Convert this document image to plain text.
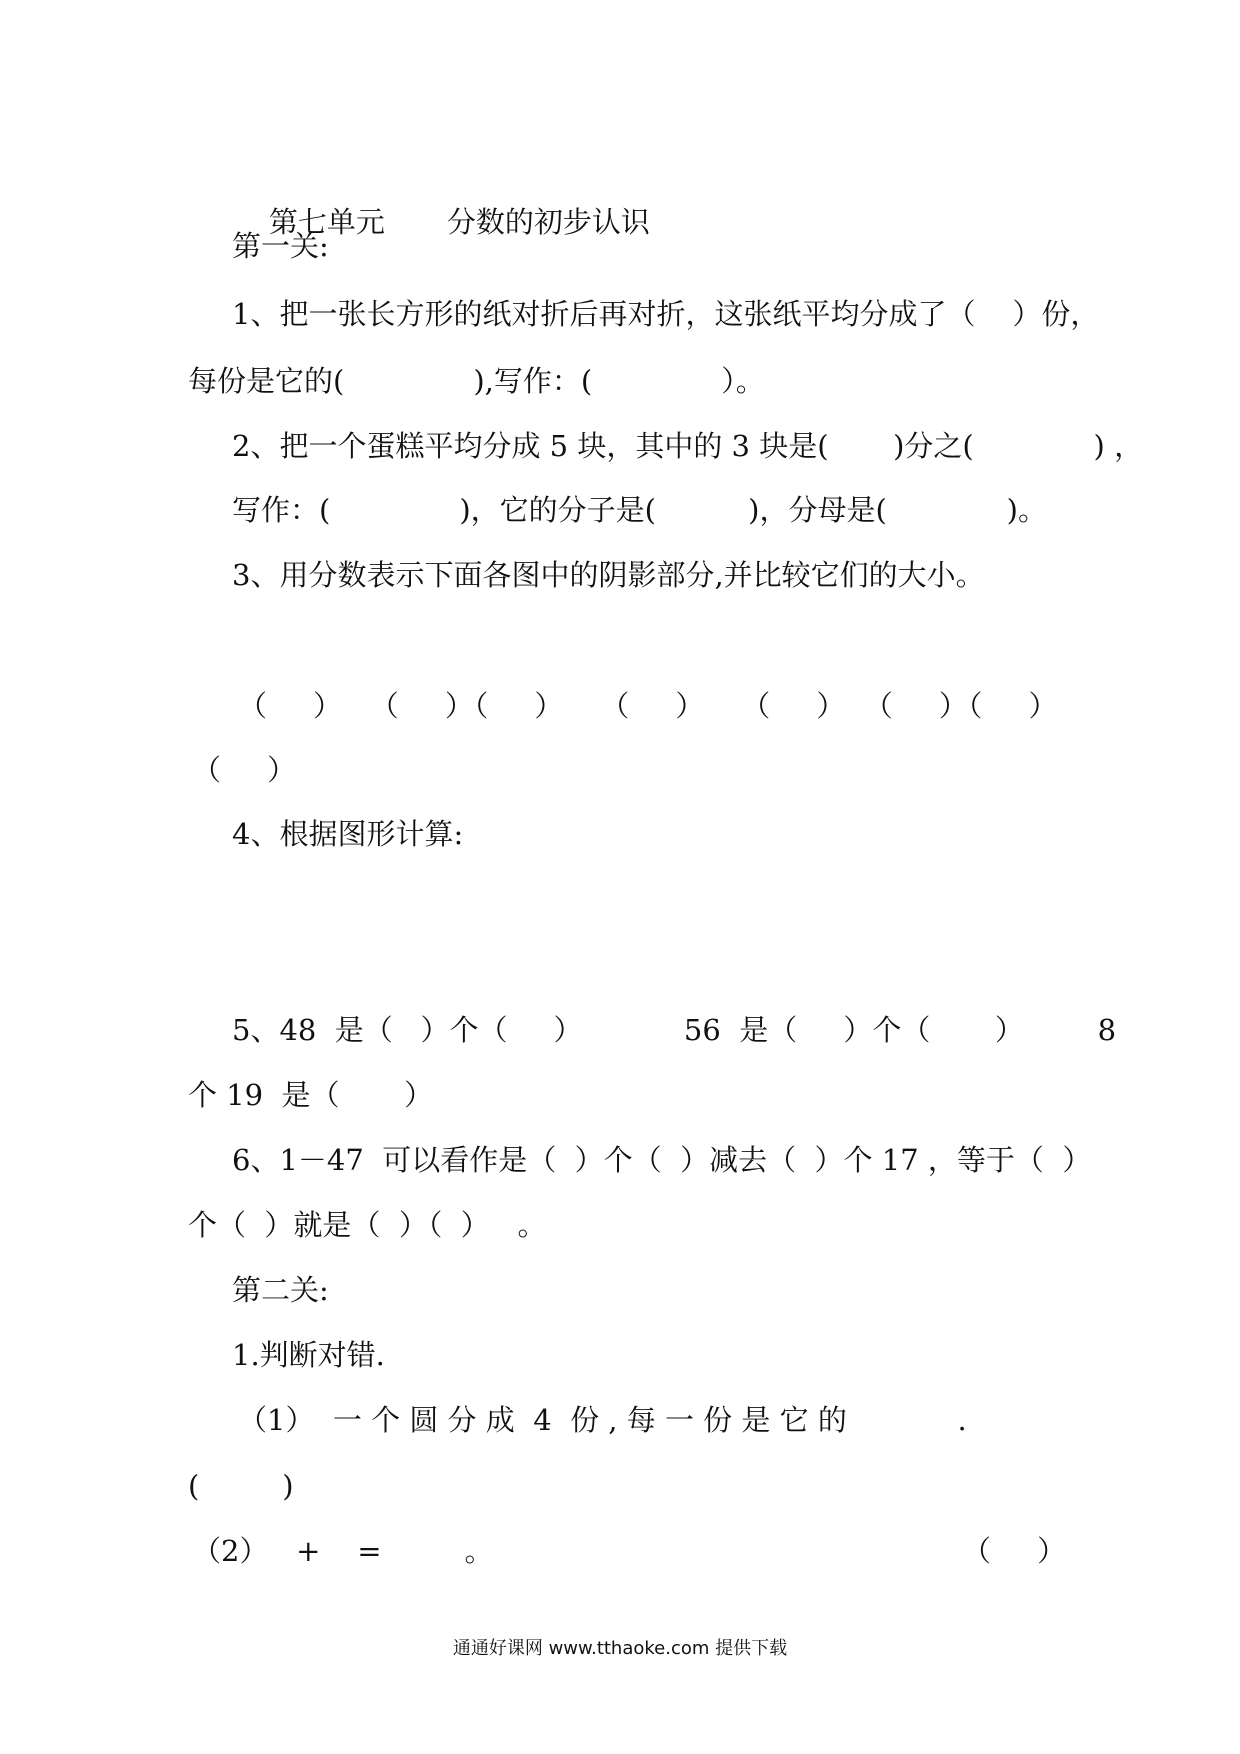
第七单元 分数的初步认识

第一关:
1、把一张长方形的纸对折后再对折，这张纸平均分成了（    ）份，
每份是它的(              ),写作：(              ）。
2、把一个蛋糕平均分成 5 块，其中的 3 块是(       )分之(             ) ，
写作：(              )，它的分子是(          )，分母是(             )。
3、用分数表示下面各图中的阴影部分,并比较它们的大小。
（     ）   （     ）（     ）    （     ）    （     ）  （     ）（     ）
（     ）
4、根据图形计算:
5、48  是（   ）个（     ）           56  是（     ）个（       ）        8
个 19  是（       ）
6、1－47  可以看作是（  ）个（  ）减去（  ）个 17 ，等于（  ）
个（  ）就是（  ）（  ）   。
第二关:
1.判断对错.
（1）  一 个 圆 分 成  4  份 , 每 一 份 是 它 的            .
(         )
（2）   +    =         。	（     ）
通通好课网 www.tthaoke.com 提供下载
